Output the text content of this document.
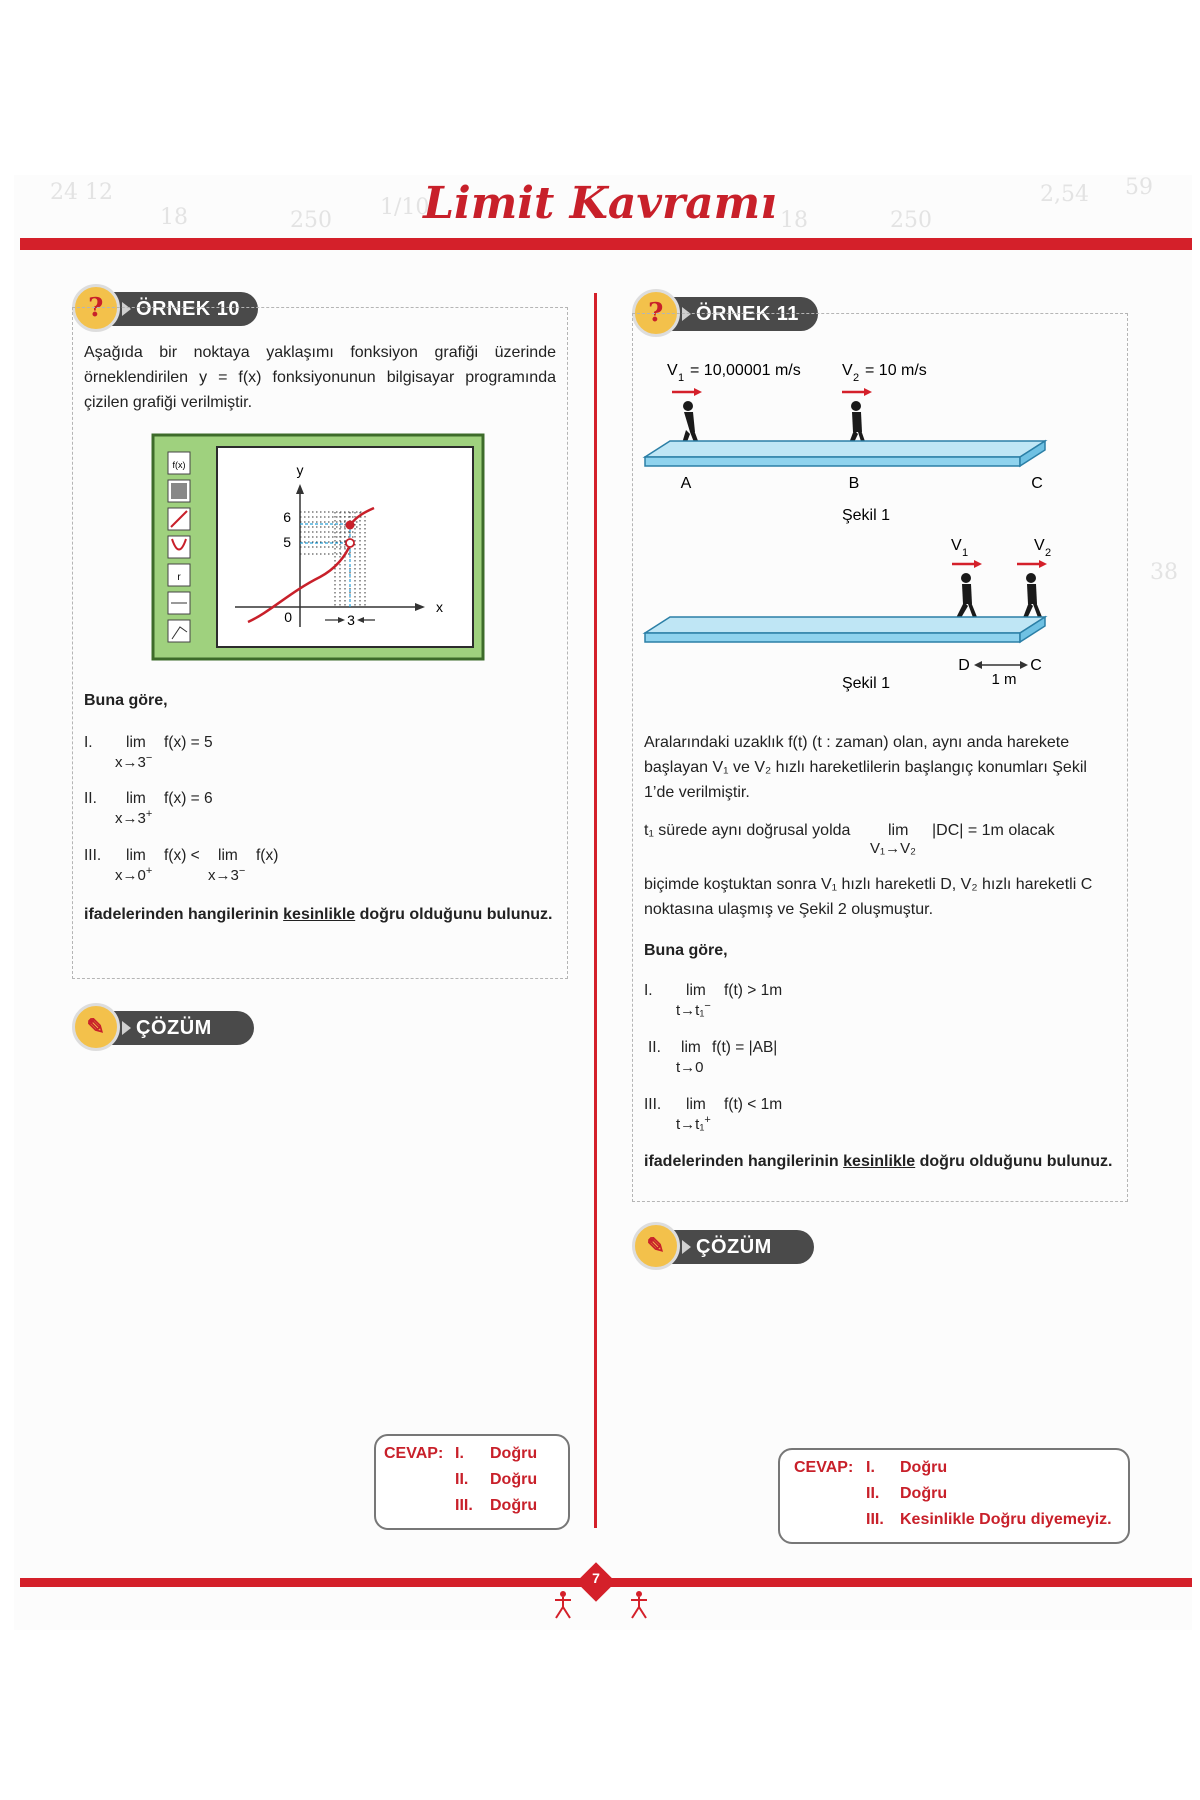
24 12
18	250
1/10
18	250
2,54 59
38
Limit Kavramı
?	ÖRNEK 10
Aşağıda bir noktaya yaklaşımı fonksiyon grafiği üzerinde örneklendirilen y = f(x) fonksiyonunun bilgisayar programında çizilen grafiği verilmiştir.
f(x)
r
y
x
0
6
5
3
Buna göre,
I. lim
x→3−
f(x) = 5
II. lim
x→3+
f(x) = 6
III. lim
x→0+
f(x) < lim
x→3−
f(x)
ifadelerinden hangilerinin kesinlikle doğru olduğunu bulunuz.
✎	ÇÖZÜM
CEVAP: I. Doğru
II. Doğru
III. Doğru
?	ÖRNEK 11
V 1 = 10,00001 m/s	V 2 = 10 m/s
A	B	C
Şekil 1
V 1	V 2
D	C
1 m
Şekil 1
Aralarındaki uzaklık f(t) (t : zaman) olan, aynı anda harekete başlayan V₁ ve V₂ hızlı hareketlilerin başlangıç konumları Şekil 1’de verilmiştir.
t₁ sürede aynı doğrusal yolda lim
V₁→V₂
|DC| = 1m olacak
biçimde koştuktan sonra V₁ hızlı hareketli D, V₂ hızlı hareketli C noktasına ulaşmış ve Şekil 2 oluşmuştur.
Buna göre,
I. lim
t→t₁−
f(t) > 1m
II. lim
t→0
f(t) = |AB|
III. lim
t→t₁+
f(t) < 1m
ifadelerinden hangilerinin kesinlikle doğru olduğunu bulunuz.
✎	ÇÖZÜM
CEVAP: I. Doğru
II. Doğru
III. Kesinlikle Doğru diyemeyiz.
7
